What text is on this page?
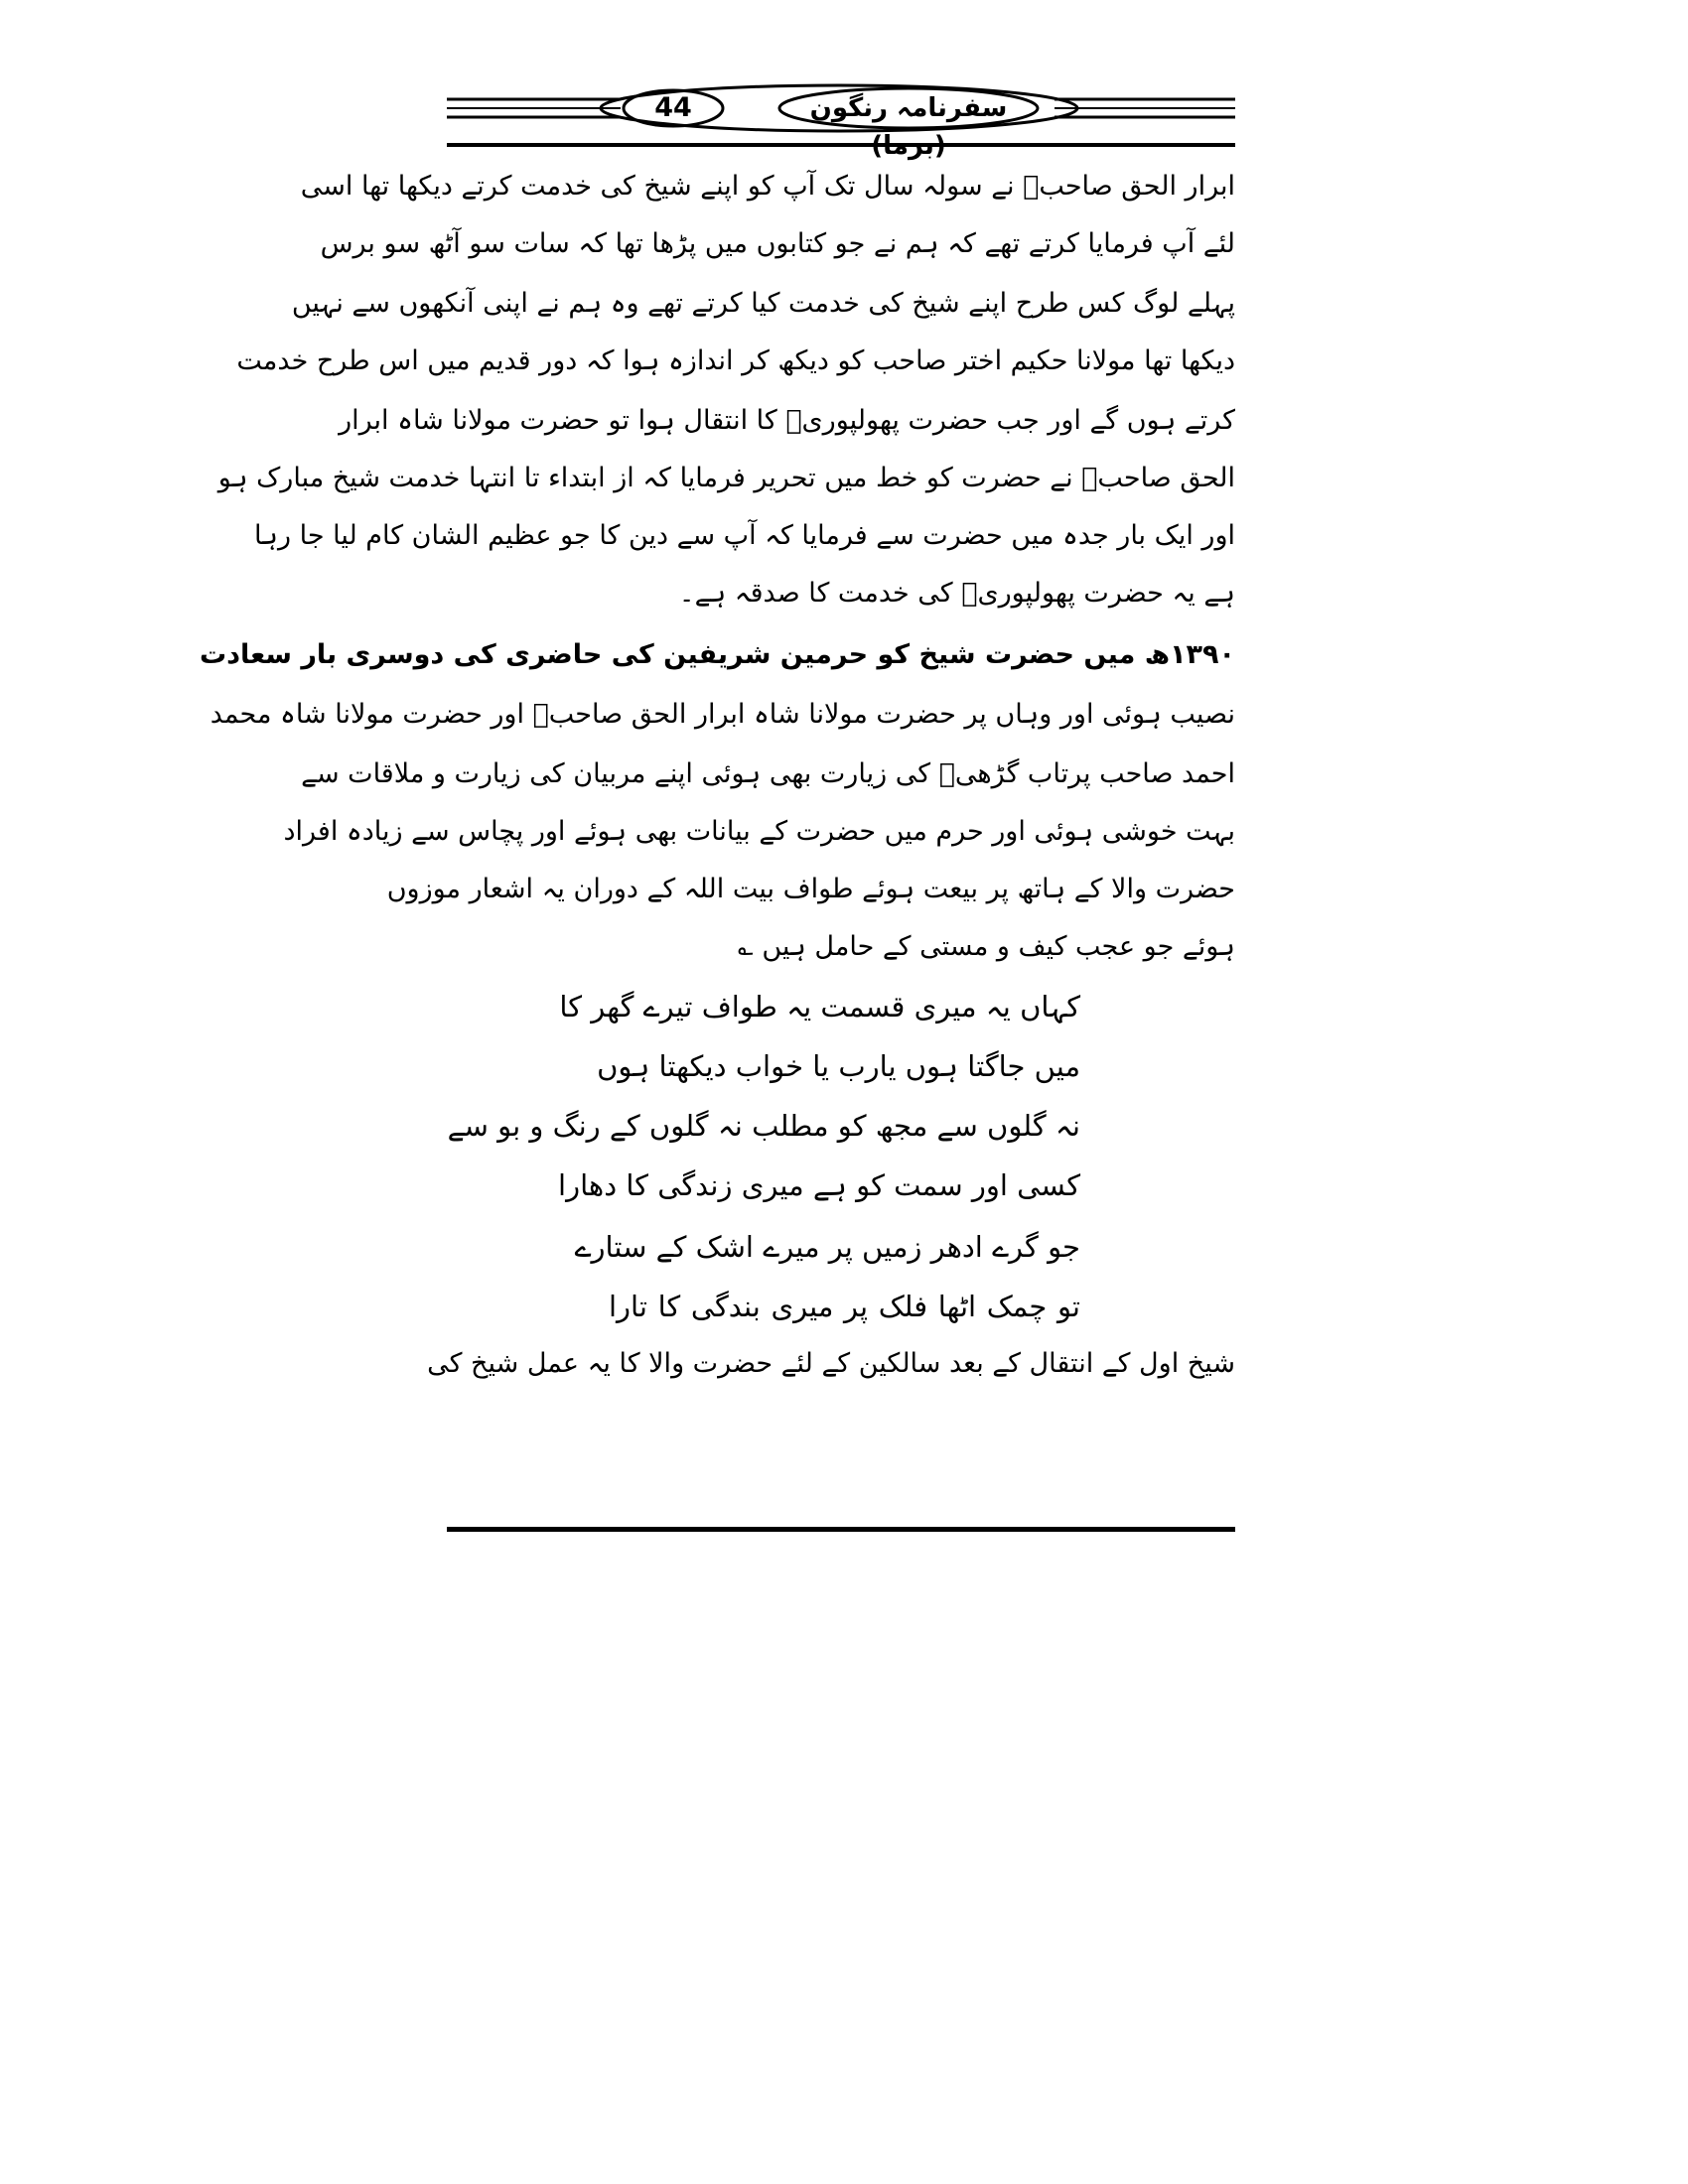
44	سفرنامہ رنگون
ابرار الحق صاحبؒ نے سولہ سال تک آپ کو اپنے شیخ کی خدمت کرتے دیکھا تھا اسی
لئے آپ فرمایا کرتے تھے کہ ہم نے جو کتابوں میں پڑھا تھا کہ سات سو آٹھ سو برس
پہلے لوگ کس طرح اپنے شیخ کی خدمت کیا کرتے تھے وہ ہم نے اپنی آنکھوں سے نہیں
دیکھا تھا مولانا حکیم اختر صاحب کو دیکھ کر اندازہ ہوا کہ دور قدیم میں اس طرح خدمت
کرتے ہوں گے اور جب حضرت پھولپوریؒ کا انتقال ہوا تو حضرت مولانا شاہ ابرار
الحق صاحبؒ نے حضرت کو خط میں تحریر فرمایا کہ از ابتداء تا انتہا خدمت شیخ مبارک ہو
اور ایک بار جدہ میں حضرت سے فرمایا کہ آپ سے دین کا جو عظیم الشان کام لیا جا رہا
ہے یہ حضرت پھولپوریؒ کی خدمت کا صدقہ ہے۔
۱۳۹۰ھ میں حضرت شیخ کو حرمین شریفین کی حاضری کی دوسری بار سعادت
نصیب ہوئی اور وہاں پر حضرت مولانا شاہ ابرار الحق صاحبؒ اور حضرت مولانا شاہ محمد
احمد صاحب پرتاب گڑھیؒ کی زیارت بھی ہوئی اپنے مربیان کی زیارت و ملاقات سے
بہت خوشی ہوئی اور حرم میں حضرت کے بیانات بھی ہوئے اور پچاس سے زیادہ افراد
حضرت والا کے ہاتھ پر بیعت ہوئے طواف بیت اللہ کے دوران یہ اشعار موزوں
ہوئے جو عجب کیف و مستی کے حامل ہیں ؎
کہاں یہ میری قسمت یہ طواف تیرے گھر کا
میں جاگتا ہوں یارب یا خواب دیکھتا ہوں
نہ گلوں سے مجھ کو مطلب نہ گلوں کے رنگ و بو سے
کسی اور سمت کو ہے میری زندگی کا دھارا
جو گرے ادھر زمیں پر میرے اشک کے ستارے
تو چمک اٹھا فلک پر میری بندگی کا تارا
شیخ اول کے انتقال کے بعد سالکین کے لئے حضرت والا کا یہ عمل شیخ کی
